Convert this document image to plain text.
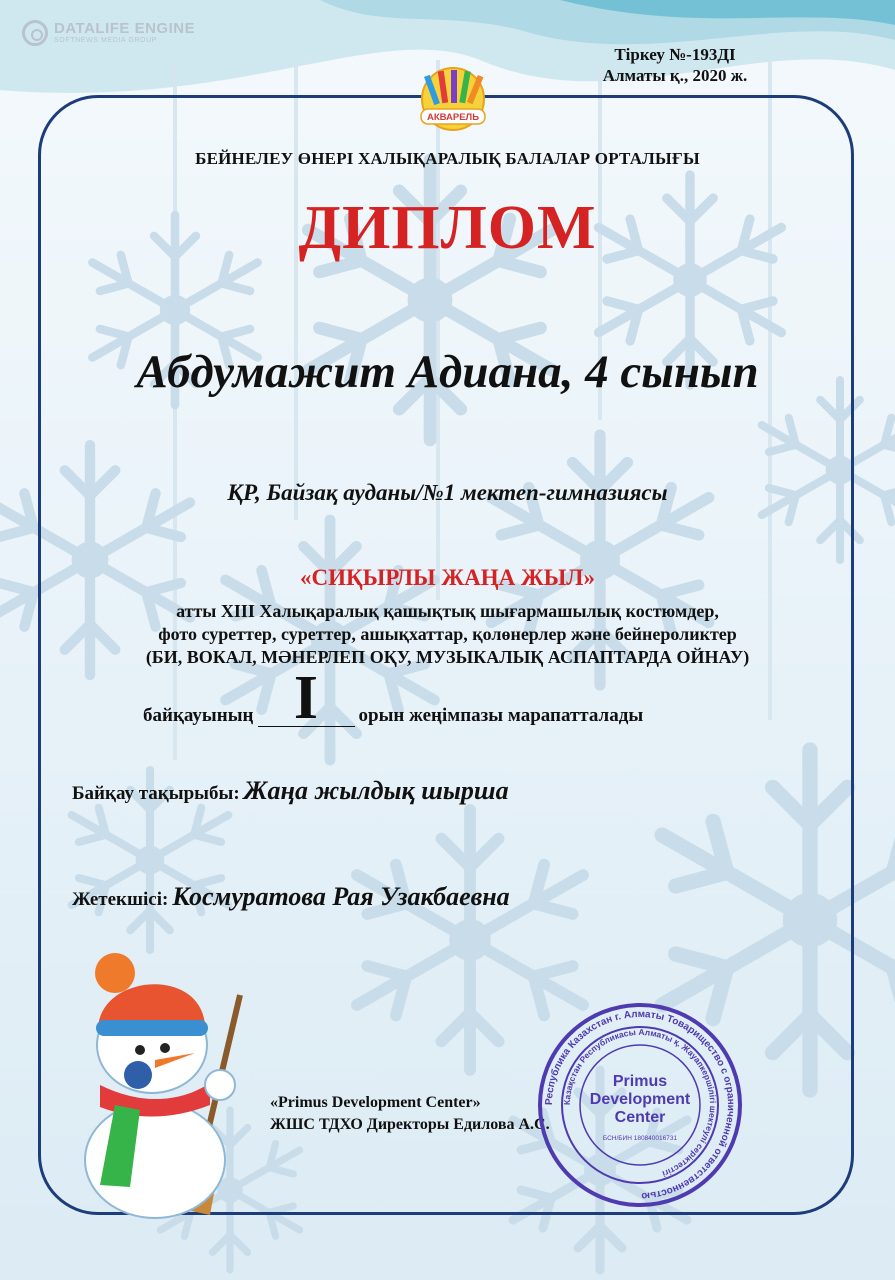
DATALIFE ENGINE
SOFTNEWS MEDIA GROUP
Тіркеу №-193ДІ
Алматы қ., 2020 ж.
АКВАРЕЛЬ
БЕЙНЕЛЕУ ӨНЕРІ ХАЛЫҚАРАЛЫҚ БАЛАЛАР ОРТАЛЫҒЫ
ДИПЛОМ
Абдумажит Адиана, 4 сынып
ҚР, Байзақ ауданы/№1 мектеп-гимназиясы
«СИҚЫРЛЫ ЖАҢА ЖЫЛ»
атты XIII Халықаралық қашықтық шығармашылық костюмдер,
фото суреттер, суреттер, ашықхаттар, қолөнерлер және бейнероликтер
(БИ, ВОКАЛ, МӘНЕРЛЕП ОҚУ, МУЗЫКАЛЫҚ АСПАПТАРДА ОЙНАУ)
байқауының I	орын жеңімпазы марапатталады
Байқау тақырыбы: Жаңа жылдық шырша
Жетекшісі: Космуратова Рая Узакбаевна
«Primus Development Center»
ЖШС ТДХО Директоры Едилова А.С.
Республика Казахстан г. Алматы Товарищество с ограниченной ответственностью
Казақстан Республикасы Алматы қ. Жауапкершілігі шектеулі серіктестігі
Primus
Development
Center
БСН/БИН 180840016731
